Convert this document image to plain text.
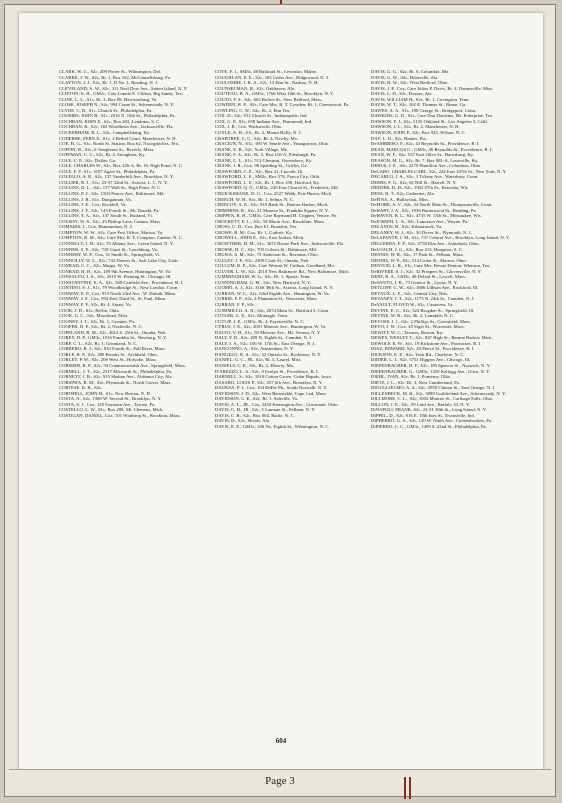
CLARK, W. G., S2c, 209 Porter St., Wilmington, Del.
CLARKE, J. W., S2c, Rt. 1, Box 102, McConnellsburg, Pa.
CLAYTON, J. J., S2c, Rt. 1, D No. 1, Reading, N. J.
CLEVELAND, A. W., S2c, 311 Neal Dow Ave., Staten Island, N. Y.
CLIFTON, E. H., GM2c, Care Lonnie E. Clifton, Big Sandy, Tex.
CLINE, L. L., S1c, Rt. 3, Box 88, Harrisonburg, Va.
CLOSE, JOSEPH N., S2c, 994 Crane St., Schenectady, N. Y.
CLYDE, C. B., S1c, Church St., Philadelphia, Pa.
COOMBS, JOHN B., S1c, 2016 N. 16th St., Philadelphia, Pa.
COCHRAN, JOHN E., S2c, Box 203, Landrum, S. C.
COCHRAN, R., S2c, 163 Woodlawn Ave., Jacksonville, Fla.
COCKERHAM, R. L., S2c, Campbellsburg, Ky.
CODERRE, FERN E., S1c, 2 Bethel Court, Manchester, N. H.
COE, H. G., S1c, North St. Station, Box 62, Nacogdoches, Tex.
COFFIN, R., S2c, 6 Templeton St., Beverly, Mass.
COFFMAN, C. C., S2c, Rt. 2, Stoughton, Ky.
COLE, C. E., S2c, Dallas, Ga.
COLE, CHARLES W., S2c, Box 326-A, Rt. 16, High Point, N. C.
COLE, F. P., S1c, 3107 Agate St., Philadelphia, Pa.
COLELLO, A. R., S2c, 137 Vanderbilt Ave., Brooklyn, N. Y.
COLLIER, R. J., S1c, 23-37 32nd St., Astoria, L. I., N. Y.
COLLINS, D. L., S2c, 137 Wall St., High Point, N. C.
COLLINS, F. J., S2c, 1503 Pearce Ave., Baltimore, Md.
COLLINS, J. B., S1c, Dungannon, Va.
COLLINS, J. E., Cox, Rockhill, Va.
COLLINS, J. F., S2c, 143 Fourth St., Mc Donald, Pa.
COLLINS, T. A., S2c, 137 South St., Rutland, Vt.
COLSON, W. S., S2c, 23 Bishop Lane, Canton, Mass.
COMARIS, J., Cox, Hammonton, N. J.
COMPTON, W. W., S2c, Care Post Office, Marion, Va.
COMPTON, R. M., S2c, Care Mrs. R. T. Compton, Canton, N. C.
CONNELLY, J. H., S2c, 70 Albany Ave., Green Island, N. Y.
CONNER, S. E., S2c, 718 Court St., Lynchburg, Va.
CONNERY, W. F., Cox, 31 Smith St., Springfield, Vt.
CONNOLLY, W. L., S2c, 742 Denver St., Salt Lake City, Utah.
CONRAD, C. C., S2c, Mingo, W. Va.
CONRAD, H. H., S2c, 109 9th Avenue, Huntington, W. Va.
CONSALVO, J. A., S1c, 2915 W. Fleming St., Chicago, Ill.
CONSTANTINE, E. A., S2c, 309 Canfield Ave., Providence, R. I.
CONTINO, S. J., S1c, 79 Woodbridge St., New London, Conn.
CONWAY, E. P., Cox, 913 North 23rd Ave., W. Duluth, Minn.
CONWAY, J. F., Cox, 994 East Third St., St. Paul, Minn.
CONWAY, P. P., S2c, Rt. 4, Stuart, Va.
COOK, J. D., S2c, Berlin, Okla.
COOK, G. C., S2c, Moorhead, Miss.
COONEY, J. T., S2c, Rt. 1, Grenner, Pa.
COOPER, D. P., S2c, Rt. 2, Nashville, N. C.
COPELAND, R. M., S2c, 4614 S. 25th St., Omaha, Neb.
COREY, D. P., GM3c, 1016 Franklin St., Newburg, N. Y.
CORP, C. L., S2c, Rt. 1, Grinnland, N. C.
CORRERO, R. J., S2c, 810 Fourth St., Fall River, Mass.
CORLE, R. P., S2c, 400 Brooks St., Archbald, Ohio.
CORLEY, P. W., S2c, 200 West St., Holyoke, Mass.
CORMIER, R. P., S2c, 50 Commonwealth Ave., Springfield, Mass.
CORNELL, J. T., S2c, 2317 Ellsworth St., Philadelphia, Pa.
CORNETT, J. B., S2c, 915 Shaban Ave., Alabama City, Ala.
CORSINIA, R. M., S2c, Plymouth St., North Carver, Mass.
CORTESE, R. R., S2c.
CORTHELL, JOHN H., S1c, New Boston, N. H.
COSTA, A., S2c, 1560 W. Second St., Brooklyn, N. Y.
COSTA, S. J., Cox, 129 Fountain Ave., Tyrone, Pa.
COSTELLO, L. W., S1c, Box 298, Mt. Clemens, Mich.
COSTIGAN, DANIEL, Cox, 101 Winthrop St., Brockton, Mass.
COTE, F. J., SM3c, 48 Railroad St., Lewiston, Maine.
COUGHLAN, E. E., S2c, 165 Cedar Ave., Ridgewood, N. J.
COULOMBE, J. R. A., S2c, 13 Elm St., Nashua, N. H.
COUNSELMAN, B., S2c, Oakhaven, Ala.
COUTEAU, R. A., GM3c, 1766 West 10th St., Brooklyn, N. Y.
COUTO, F. S., S2c, 665 Bolton St., New Bedford, Mass.
COWDEN, R. E., S2c, Care Mrs. R. T. Cowden, Rt. 1, Greenwood, Pa.
COWLING, C. W., S2c, Rt. 2, Elm Tex.
COX, D., S2c, 912 Church St., Indianapolis, Ind.
COX, G. P., S2c, 658 Indiana Ave., Hammond, Ind.
COX, J. B., Cox, Wadsworth, Ohio.
COYLE, A. H., S1c, Rt. 2, Mount Holly, N. J.
CRABTREE, C. C., S2c, Rt. 4, Newby, Mo.
CRACIUN, N., S1c, 160 W. Searle Ave., Youngstown, Ohio.
CRANE, E. B., S2c, York Village, Me.
CRANE, F. A., S2c, Rt. 5, Box 116-A, Pittsburgh, Pa.
CRANE, L. L., S1c, 513 Chestnut, Owensboro, Ky.
CRANE, J. R., Cox, 98 Spalding St., Griffin, Ga.
CRAWFORD, C. E., S2c, Box 21, Lincoln, Ill.
CRAWFORD, L. E., SM2c, Box 576, Ponca City, Okla.
CRAWFORD, L. E., S2c, Rt. 1, Box 150, Hartford, Ky.
CRAWFORD, Q. N., GM2c, 220 East Church St., Frederick, Md.
CRUICKSHANK, D. G., Cox, 2527 Webb, Port Huron, Mich.
CREECH, W. B., S2c, Rt. 1, Selma, N. C.
CREECOY, A. E., S2c, 915 Bank St., Benton Harbor, Mich.
CRIMMINS, R., S2c, 21 Monroe St., Franklin Square, N. Y.
CRIPPEN, R. H., GM3c, Care Raymond H. Crippen, Venice, Pa.
CROCKETT, E. L., S2c, 58 Morin Ave., Brookline, Mass.
CROSS, C. D., Cox, Box 61, Brandon, Tex.
CROWE, R. M., Cox, Rt. 1, Guthrie, Ky.
CROWELL, JOHN E., S2c, East Jordan, Mich.
CROWTHER, H. M., S1c, 3672 Boone Park Ave., Jacksonville, Fla.
CROSSE, H. C., S2c, 703 Colvert St., Baltimore, Md.
CRUISA, S. M., S2c, 73 Anderson St., Ravenna, Ohio.
CULLEY, J. F., S1c, 2209 Clark St., Omaha, Neb.
CULLUM, R. E., S2c, Care Weston W. Cullum, Goodland, Mo.
CULVER, L. W., S2c, 4510 New Baltimore Rd., New Baltimore, Mich.
CUMMINGHAM, W. G., S2c, Rt. 1, Sparta, Tenn.
CUNNINGHAM, G. M., S2c, New Hartford, N. Y.
CUOMO, A. J., S2c, 3168 38th St., Astoria, Long Island, N. Y.
CURRAN, W. C., S2c, 63rd Eighth Ave., Huntington, W. Va.
CURRIE, F. P., S2c, 4 Plantation St., Worcester, Mass.
CURRAN, F. P., S2c.
CUSHMILLO, A. N., S2c, 2074 Main St., Hartford 5, Conn.
CUTLER, G. E., S2c, Montagle, Tenn.
CUTLIP, J. E., GM3c, Rt. 4, Fayetteville, N. C.
CYRUS, J. E., S2c, 2001 Monroe Ave., Huntington, W. Va.
DALTO, V. H., S1c, 50 Melrose Ave., Mt. Vernon, N. Y.
DALY, F. D., S2c, 209 N. Eighth St., Camden, N. J.
DALY, J. A., S2c, 106 W. 17th St., East Orange, N. J.
DANCONNO, A., S2c, Amsterdam, N. Y.
DANGELO, R. A., S1c, 22 Ontario St., Rochester, N. Y.
DANIEL, G. C., JR., S2c, Rt. 5, Laurel, Miss.
DANIELS, C. E., S2c, Rt. 2, Elberry, Mo.
D'AREZZO, L. A., S2c, 9 Evelyn St., Providence, R. I.
DARNELL, S., S2c, 1010 Cotton Grove, Cedar Rapids, Iowa.
DASARO, LOUIS P., S2c, 257 6th Ave., Brooklyn, N. Y.
DAUKSA, P. J., Cox, 104 DeFer Pk., South Norwalk, N. Y.
DAVIDSON, J. D., S2c, West Barnstable, Cape Cod, Mass.
DAVIDSON, L. E., S2c, Rt. 1, Saltville, Va.
DAVIS, A. L., JR., Cox, 2458 Kensington Ave., Cincinnati, Ohio.
DAVIS, C. H., JR., S2c, 5 Lanman St., Pelham, N. Y.
DAVIS, C. R., S2c, Box 804, Radio, N. C.
DAVIS, D., S2c, Shoals, Ala.
DAVIS, E. E., GM3c, 106 No. Eighth St., Wilmington, N. C.
DAVIS, G. G., S2c, Rt. 6, Columbia, Mo.
DAVIS, G. W., S2c, Dobeville, Ala.
DAVIS, H. W., S2c, West Redford, Ohio.
DAVIS, J. P., Cox, Care Julius P. Davis, Rt. 4, Dennisville, Miss.
DAVIS, L. D., S2c, Dossau, Ala.
DAVIS, WILLIAM H., S2c, Rt. 1, Covington, Tenn.
DAVIS, W. T., S2c, 102 E. Thomas St., Rome, Ga.
DAWES, A. A., S1c, 100 George St., Bridgeport, Conn.
DAWKINS, G. D., S2c, Care Don Dawkins, Mt. Enterprise, Tex.
DAWSON, F. J., S2c, 5125 Oakland St., Los Angeles 3, Calif.
DAWSON, J. L., S1c, Rt. 2, Manchester, N. H.
DAWSON, JOHN P., S2c, Box 925, Wilson, N. C.
DAY, L. D., S2c, Haines, Fla.
DeAMBRISO, F., S2c, 43 Reynolds St., Providence, R. I.
DEAN, MARCUS G., GM3c, 46 Reynolds St., Providence, R. I.
DEAN, W. F., S2c, 537 East Olive St., Harrisburg, Ky.
DEASON, M. G., S2c, Rt. 7, Box 881-A, Louisville, Ky.
DEBUS, J. E., S2c, 2279 Hamilton Ave., Columbus, Ohio.
DeCARO, CHARLES CARL, S2c, 224 East 107th St., New York, N. Y.
DECARLO, J. A., S2c, 1 Tiffany Ave., Waterbury, Conn.
DEEBS, F. G., S2c, 61 Hill St., Harrell, N. Y.
DEEDER, D. D., S2c, 1902 07th St., Kenosha, Wis.
DEES, H. T., S2c, Catherine, Ala.
DeFINA, A., Bullavilaii, Miss.
DeFIORE, A. V., S2c, 34 North Main St., Thompsonville, Conn.
DeHART, J. A., S2c, 1936 Butterwood St., Reading, Pa.
DeHAVEN, B. L., S2c, 4735 W. 15th St., Milwaukee, Wis.
DeJOSEPH, L. A., S2c, Lancaster Ave., Wayne, Pa.
DELANOS, B., S2c, Kilmarnock, Va.
DELANEY, W. J., S2c, 30 Dover St., Plymouth, N. J.
DeLAPANTE, J. M., S2c, 737 Central Ave., Brooklyn, Long Island, N. Y.
DELLERBA, F. P., S2c, 4750 Elm Ave., Ashtabula, Ohio.
DeLOACH, J. G., S2c, Box 213, Hampton, S. C.
DENNIS, W. R., S2c, 17 Park St., Pelham, Mass.
DENNIS, W. P., S2c, 514 Cedar St., Marion, Ohio.
DENTON, L. R., S1c, Care Mrs. Bessie Denton, Wharton, Tex.
DeRIVERE, S. J., S2c, 32 Prospect St., Gloversville, N. Y.
DERY, R. A., GM3c, 48 Delard St., Lowell, Mass.
DeSANTO, J. B., 73 Geneva St., Lyons, N. Y.
DETLOFF, C. W., S2c, 1006 Lilburn Ave., Rockford, Ill.
DEVAUX, L. E., S2c, Central City, Neb.
DEVANEY, J. T., S2c, 1175 N. 24th St., Camden, N. J.
DeVAULT, FLOYD W., S2c, Casanova, Va.
DEVINE, E. C., S2c, 524 Brogden St., Springfield, Ill.
DEVINE, W. B., S2c, Rt. 2, Lansdale, N. C.
DEVOSS, J. J., S2c, 2 Phillips St., Greenfield, Mass.
DEVO, J. W., Cox, 45 Siget St., Worcester, Mass.
DEWITT, W. C., Tavares, Boston, Ky.
DEWEY, WESLEY T., S2c, 847 High St., Benton Harbor, Mich.
DEWOLF, E. W., S1c, 19 Kirkstone Ave., Pawtucket, R. I.
DIAZ, EDWARD, S2c, 43 Pierce St., Providence, R. I.
DICKSON, E. E., S2c, York Rd., Charlotte, N. C.
DIDIER, L. J., S2c, 5751 Higgins Ave., Chicago, Ill.
DIEFENBACHER, D. F., S2c, 185 Spencer St., Norwich, N. Y.
DIEFENBACHER, G., GM3c, 1259 Kellogg Ave., Utica, N. Y.
DIEHL, IVAN, S2c, Rt. 1, Pomeroy, Ohio.
DIETZ, J. L., S2c, Rt. 3, New Cumberland, Pa.
DIGUGLIELMO, A. A., S2c, 2950 Clinton St., East Orange, N. J.
DILLENBECK, M. R., S2c, 3089 Guilderland Ave., Schenectady, N. Y.
DILLMORE, C. L., S2c, 1002 Monroe St., Carthage Falls, Ohio.
DILLON, J. E., S2c, 59 Lind Ave., Buffalo 10, N. Y.
DiNAPOLI, FRANK, S2c, 24-31 38th St., Long Island, N. Y.
DIPPEL, D., S2c, 916 E. 18th Ines St., Evansville, Ind.
DIPHERRO, G. A., S2c, 120 W. Ninth Ave., Conshohocken, Pa.
DiPIERRO, C. C., GM3c, 1409 S. 22nd St., Philadelphia, Pa.
604
Page 3
